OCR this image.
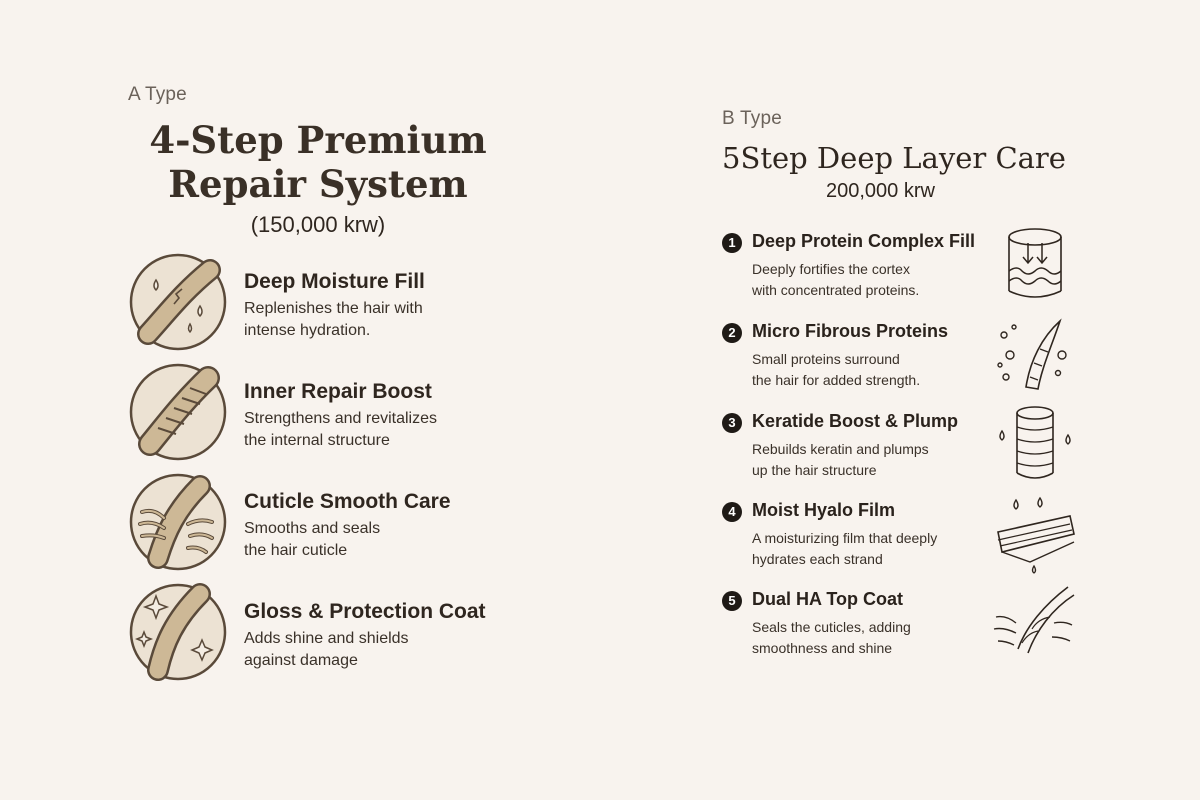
A Type
4-Step Premium
Repair System
(150,000 krw)
Deep Moisture Fill
Replenishes the hair with
intense hydration.
Inner Repair Boost
Strengthens and revitalizes
the internal structure
Cuticle Smooth Care
Smooths and seals
the hair cuticle
Gloss & Protection Coat
Adds shine and shields
against damage
B Type
5Step Deep Layer Care
200,000 krw
1 Deep Protein Complex Fill
Deeply fortifies the cortex
with concentrated proteins.
2 Micro Fibrous Proteins
Small proteins surround
the hair for added strength.
3 Keratide Boost & Plump
Rebuilds keratin and plumps
up the hair structure
4 Moist Hyalo Film
A moisturizing film that deeply
hydrates each strand
5 Dual HA Top Coat
Seals the cuticles, adding
smoothness and shine
